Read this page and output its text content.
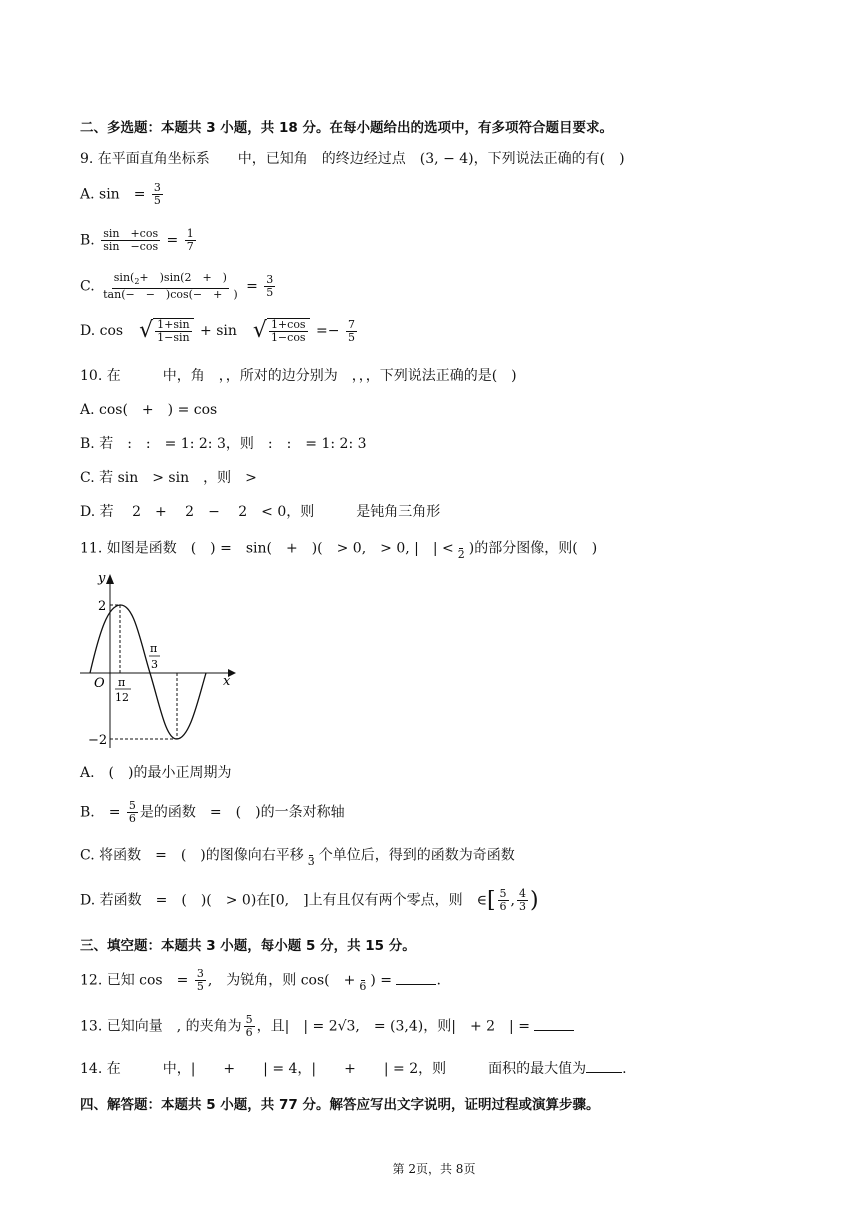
二、多选题：本题共 3 小题，共 18 分。在每小题给出的选项中，有多项符合题目要求。
9. 在平面直角坐标系　　中，已知角　的终边经过点　(3, − 4)，下列说法正确的有(　)
A. sin　= $\frac{3}{5}$
B. $\frac{\sin +\cos}{\sin -\cos} = \frac{1}{7}$
C. $\frac{\sin(_2+ )\sin(2 + )}{\tan(- - )\cos(- + )} = \frac{3}{5}$
D. cos　 √ $\frac{1+\sin}{1-\sin} + \sin$　 √ $\frac{1+\cos}{1-\cos} =- \frac{7}{5}$
10. 在　　　中，角　，，所对的边分别为　，，，下列说法正确的是(　)
A. cos(　+　) = cos
B. 若　:　:　= 1: 2: 3，则　:　:　= 1: 2: 3
C. 若 sin　> sin　，则　>
D. 若　 2　+　 2　−　 2　< 0，则　　　是钝角三角形
11. 如图是函数　(　) =　sin(　+　)(　> 0,　> 0, |　| < 2 )的部分图像，则(　)
y
x
O
2
−2
π
12
π
3
A.　(　)的最小正周期为
B.　= $\frac{5}{6}$ 是的函数　=　(　)的一条对称轴
C. 将函数　=　(　)的图像向右平移 3 个单位后，得到的函数为奇函数
D. 若函数　=　(　)(　> 0)在[0,　]上有且仅有两个零点，则　∈[ $\frac{5}{6}$ , $\frac{4}{3}$ )
三、填空题：本题共 3 小题，每小题 5 分，共 15 分。
12. 已知 cos　= $\frac{3}{5}$ ,　为锐角，则 cos(　+ 6 ) =	.
13. 已知向量　, 的夹角为 $\frac{5}{6}$ ，且|　| = 2√3,　= (3,4)，则|　+ 2　| =
14. 在　　　中，|　　+　　| = 4，|　　+　　| = 2，则　　　面积的最大值为	.
四、解答题：本题共 5 小题，共 77 分。解答应写出文字说明，证明过程或演算步骤。
第 2页，共 8页
